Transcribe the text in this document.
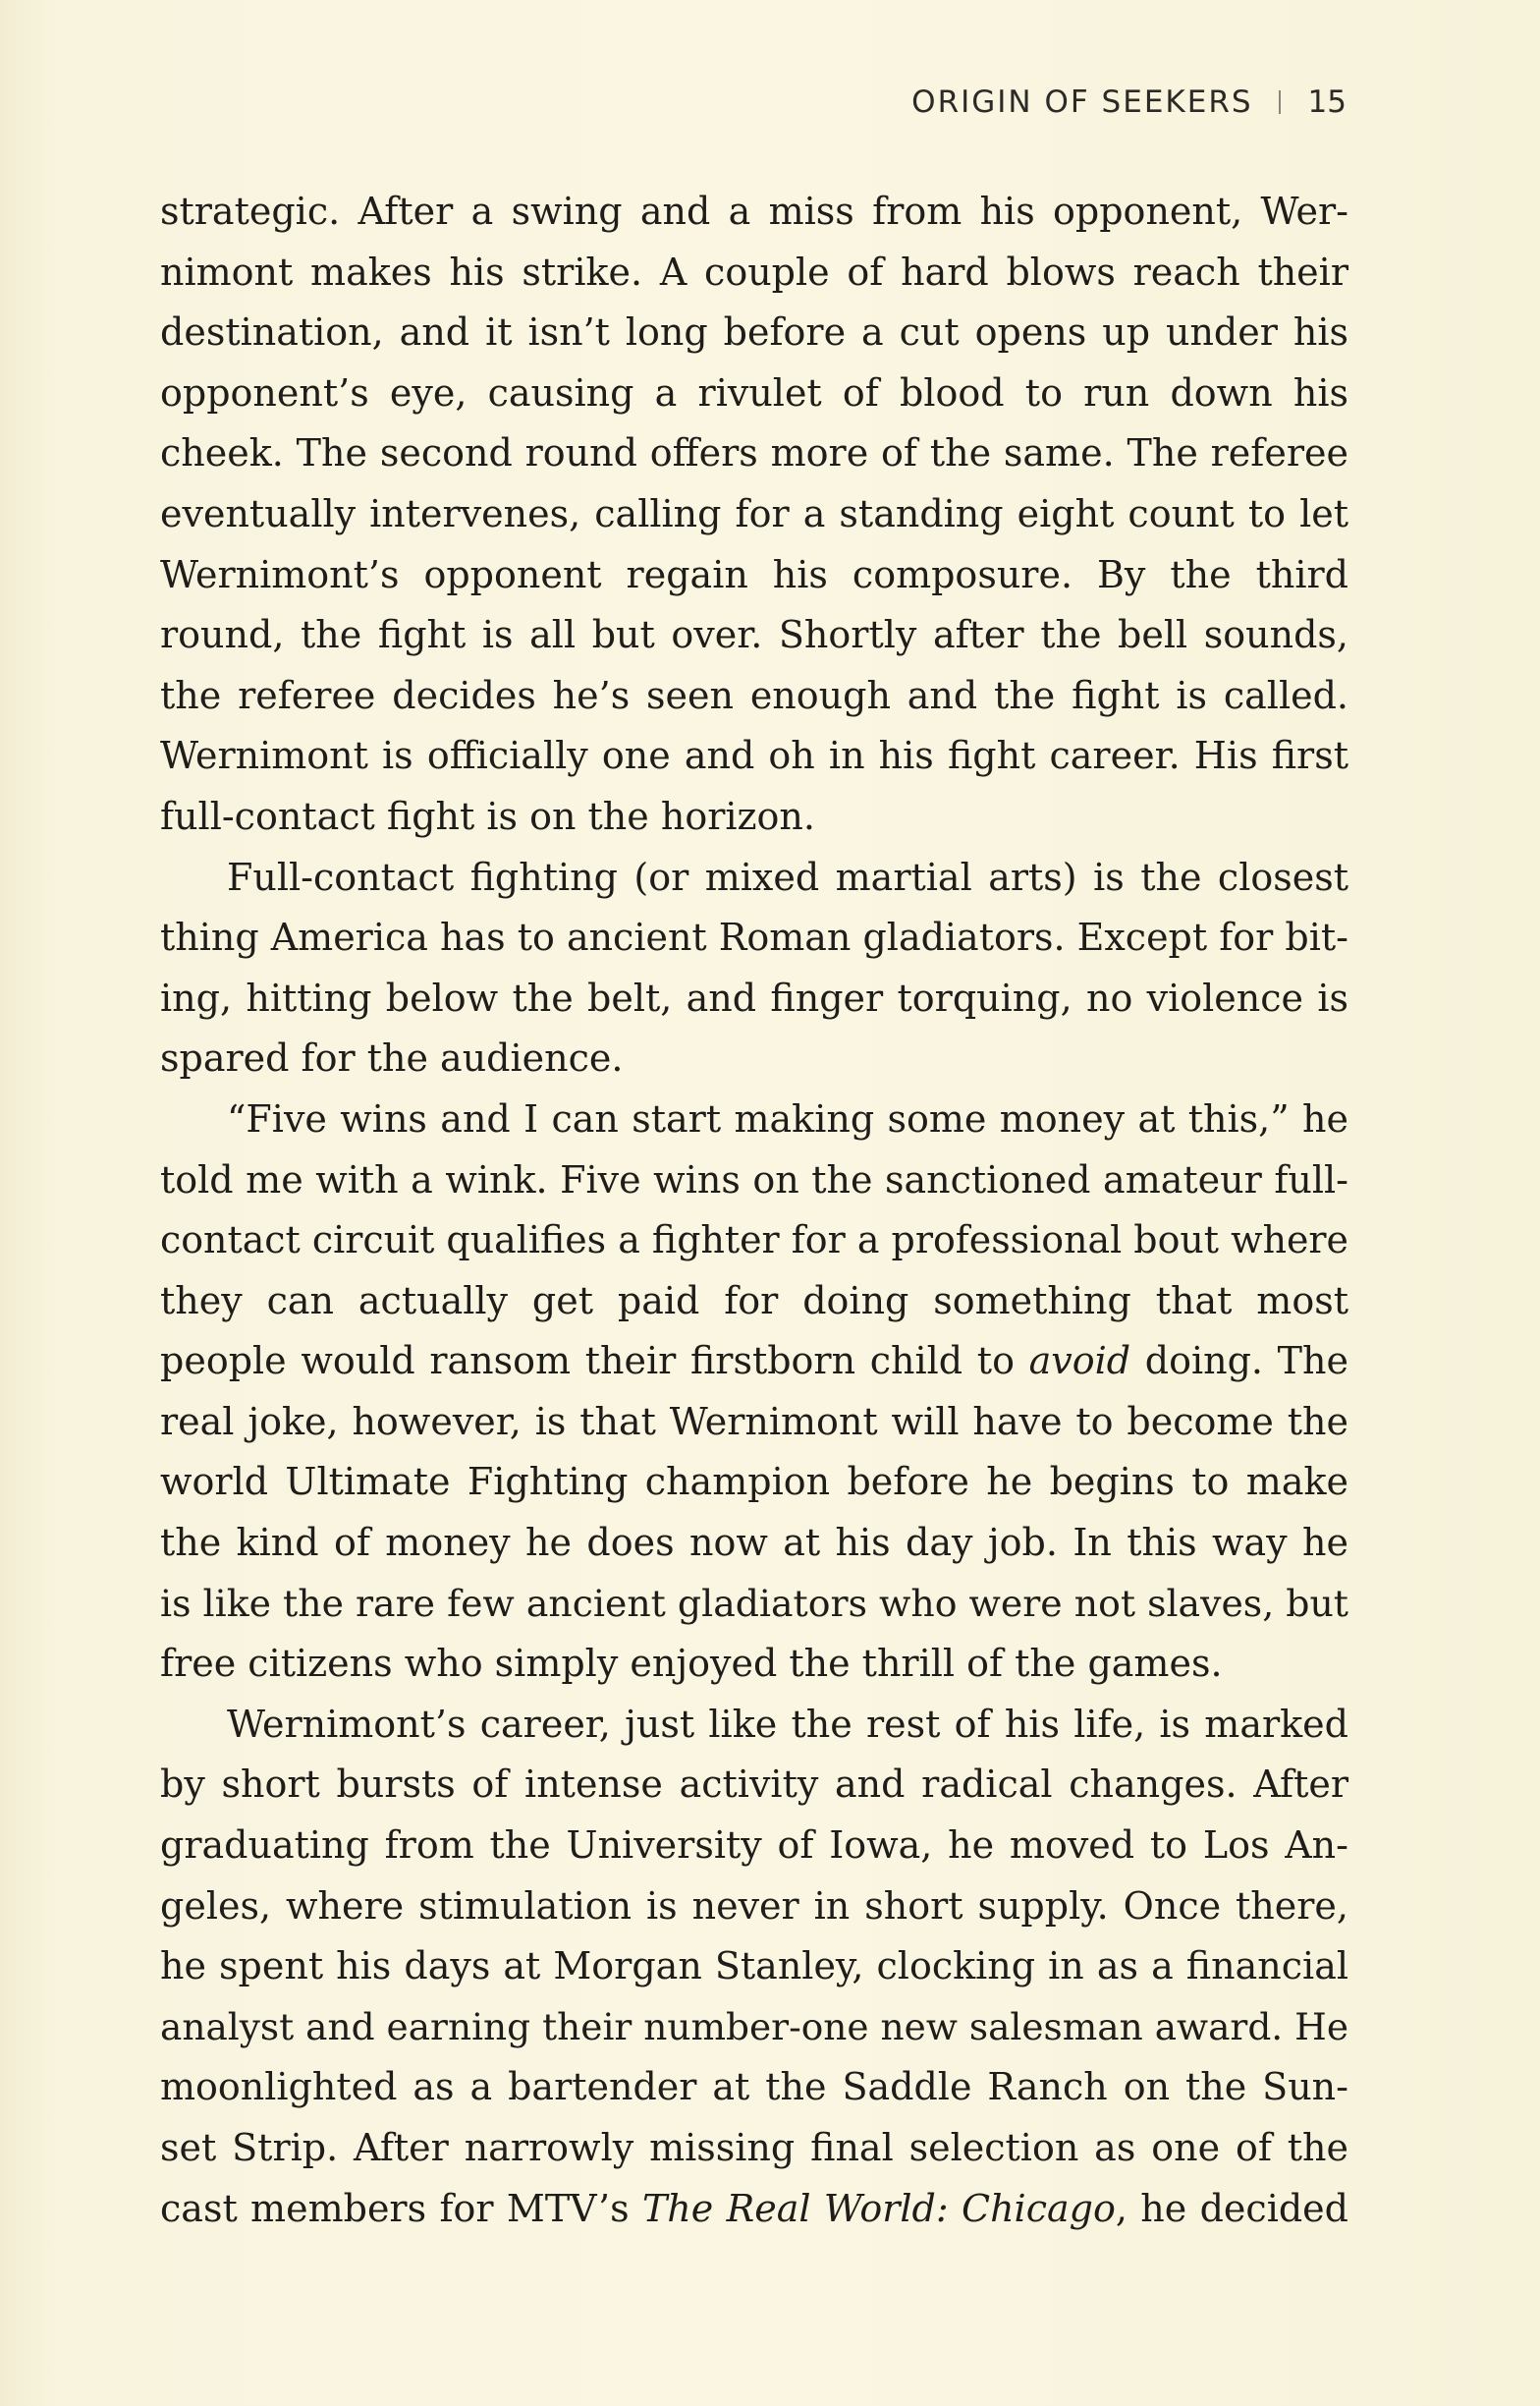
ORIGIN OF SEEKERS 15
strategic. After a swing and a miss from his opponent, Wer-
nimont makes his strike. A couple of hard blows reach their
destination, and it isn’t long before a cut opens up under his
opponent’s eye, causing a rivulet of blood to run down his
cheek. The second round offers more of the same. The referee
eventually intervenes, calling for a standing eight count to let
Wernimont’s opponent regain his composure. By the third
round, the fight is all but over. Shortly after the bell sounds,
the referee decides he’s seen enough and the fight is called.
Wernimont is officially one and oh in his fight career. His first
full-contact fight is on the horizon.
Full-contact fighting (or mixed martial arts) is the closest
thing America has to ancient Roman gladiators. Except for bit-
ing, hitting below the belt, and finger torquing, no violence is
spared for the audience.
“Five wins and I can start making some money at this,” he
told me with a wink. Five wins on the sanctioned amateur full-
contact circuit qualifies a fighter for a professional bout where
they can actually get paid for doing something that most
people would ransom their firstborn child to avoid doing. The
real joke, however, is that Wernimont will have to become the
world Ultimate Fighting champion before he begins to make
the kind of money he does now at his day job. In this way he
is like the rare few ancient gladiators who were not slaves, but
free citizens who simply enjoyed the thrill of the games.
Wernimont’s career, just like the rest of his life, is marked
by short bursts of intense activity and radical changes. After
graduating from the University of Iowa, he moved to Los An-
geles, where stimulation is never in short supply. Once there,
he spent his days at Morgan Stanley, clocking in as a financial
analyst and earning their number-one new salesman award. He
moonlighted as a bartender at the Saddle Ranch on the Sun-
set Strip. After narrowly missing final selection as one of the
cast members for MTV’s The Real World: Chicago, he decided
